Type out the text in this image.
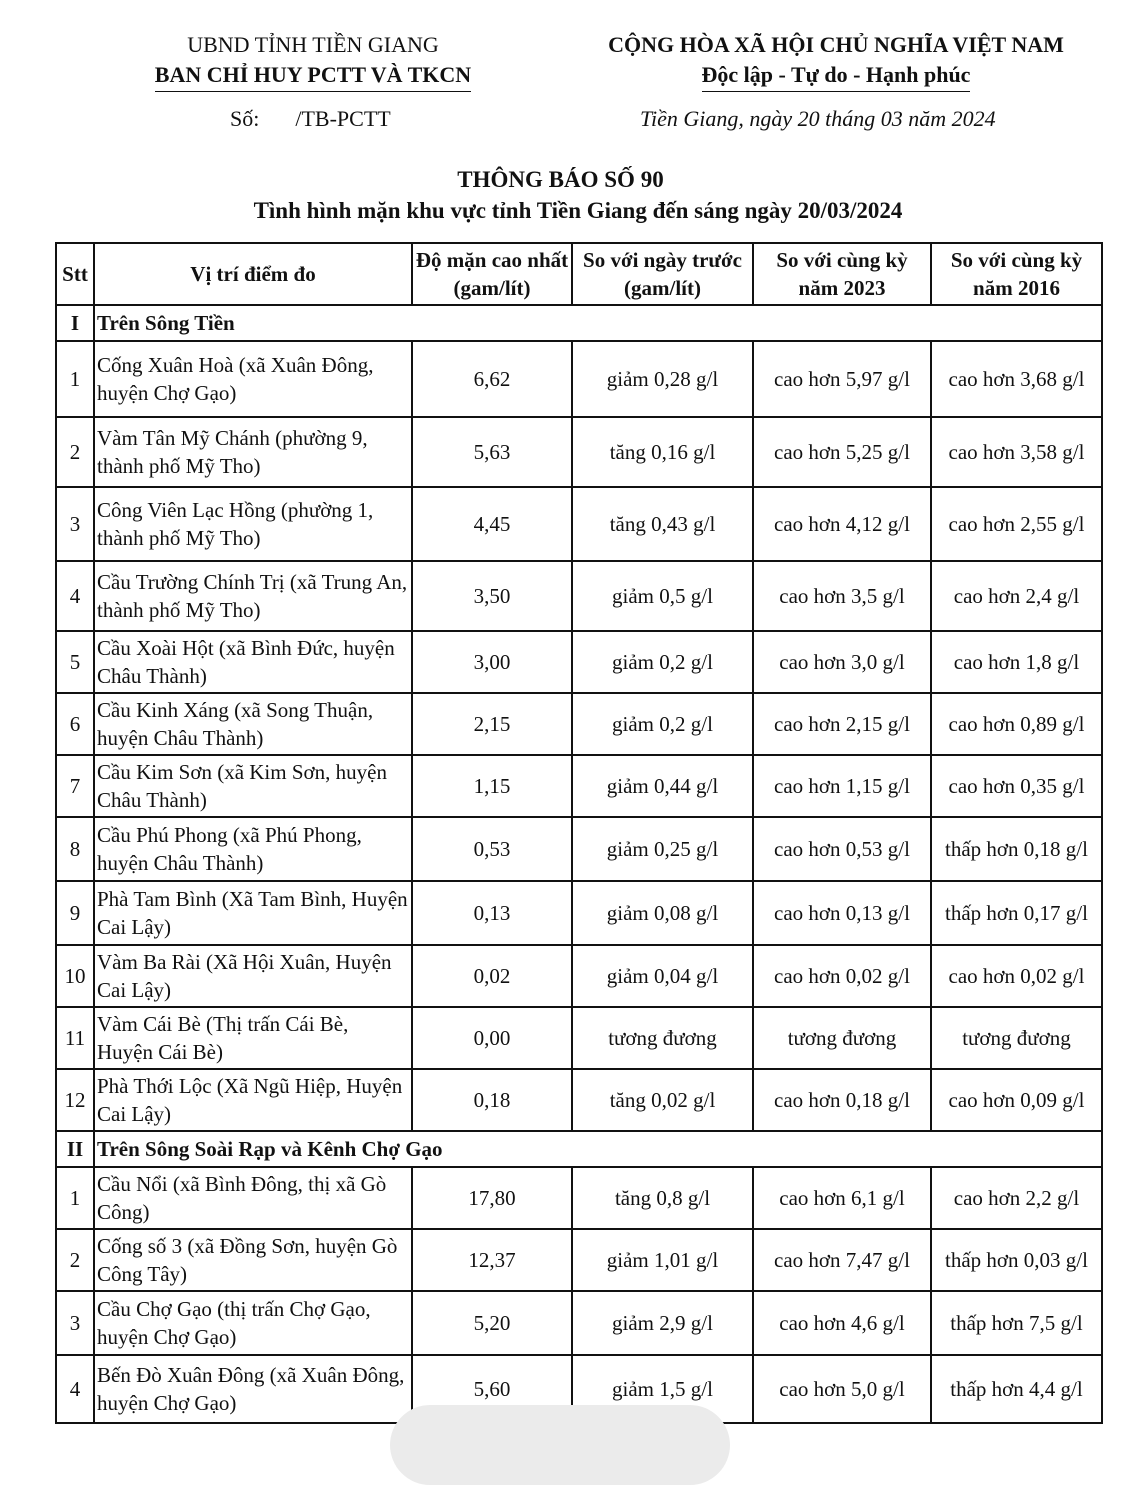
UBND TỈNH TIỀN GIANG
BAN CHỈ HUY PCTT VÀ TKCN
CỘNG HÒA XÃ HỘI CHỦ NGHĨA VIỆT NAM
Độc lập - Tự do - Hạnh phúc
Số: /TB-PCTT	Tiền Giang, ngày 20 tháng 03 năm 2024
THÔNG BÁO SỐ 90
Tình hình mặn khu vực tỉnh Tiền Giang đến sáng ngày 20/03/2024
Stt	Vị trí điểm đo	Độ mặn cao nhất (gam/lít)	So với ngày trước (gam/lít)	So với cùng kỳ năm 2023	So với cùng kỳ năm 2016
I	Trên Sông Tiền				
1	Cống Xuân Hoà (xã Xuân Đông, huyện Chợ Gạo)	6,62	giảm 0,28 g/l	cao hơn 5,97 g/l	cao hơn 3,68 g/l
2	Vàm Tân Mỹ Chánh (phường 9, thành phố Mỹ Tho)	5,63	tăng 0,16 g/l	cao hơn 5,25 g/l	cao hơn 3,58 g/l
3	Công Viên Lạc Hồng (phường 1, thành phố Mỹ Tho)	4,45	tăng 0,43 g/l	cao hơn 4,12 g/l	cao hơn 2,55 g/l
4	Cầu Trường Chính Trị (xã Trung An, thành phố Mỹ Tho)	3,50	giảm 0,5 g/l	cao hơn 3,5 g/l	cao hơn 2,4 g/l
5	Cầu Xoài Hột (xã Bình Đức, huyện Châu Thành)	3,00	giảm 0,2 g/l	cao hơn 3,0 g/l	cao hơn 1,8 g/l
6	Cầu Kinh Xáng (xã Song Thuận, huyện Châu Thành)	2,15	giảm 0,2 g/l	cao hơn 2,15 g/l	cao hơn 0,89 g/l
7	Cầu Kim Sơn (xã Kim Sơn, huyện Châu Thành)	1,15	giảm 0,44 g/l	cao hơn 1,15 g/l	cao hơn 0,35 g/l
8	Cầu Phú Phong (xã Phú Phong, huyện Châu Thành)	0,53	giảm 0,25 g/l	cao hơn 0,53 g/l	thấp hơn 0,18 g/l
9	Phà Tam Bình (Xã Tam Bình, Huyện Cai Lậy)	0,13	giảm 0,08 g/l	cao hơn 0,13 g/l	thấp hơn 0,17 g/l
10	Vàm Ba Rài (Xã Hội Xuân, Huyện Cai Lậy)	0,02	giảm 0,04 g/l	cao hơn 0,02 g/l	cao hơn 0,02 g/l
11	Vàm Cái Bè (Thị trấn Cái Bè, Huyện Cái Bè)	0,00	tương đương	tương đương	tương đương
12	Phà Thới Lộc (Xã Ngũ Hiệp, Huyện Cai Lậy)	0,18	tăng 0,02 g/l	cao hơn 0,18 g/l	cao hơn 0,09 g/l
II	Trên Sông Soài Rạp và Kênh Chợ Gạo				
1	Cầu Nổi (xã Bình Đông, thị xã Gò Công)	17,80	tăng 0,8 g/l	cao hơn 6,1 g/l	cao hơn 2,2 g/l
2	Cống số 3 (xã Đồng Sơn, huyện Gò Công Tây)	12,37	giảm 1,01 g/l	cao hơn 7,47 g/l	thấp hơn 0,03 g/l
3	Cầu Chợ Gạo (thị trấn Chợ Gạo, huyện Chợ Gạo)	5,20	giảm 2,9 g/l	cao hơn 4,6 g/l	thấp hơn 7,5 g/l
4	Bến Đò Xuân Đông (xã Xuân Đông, huyện Chợ Gạo)	5,60	giảm 1,5 g/l	cao hơn 5,0 g/l	thấp hơn 4,4 g/l
